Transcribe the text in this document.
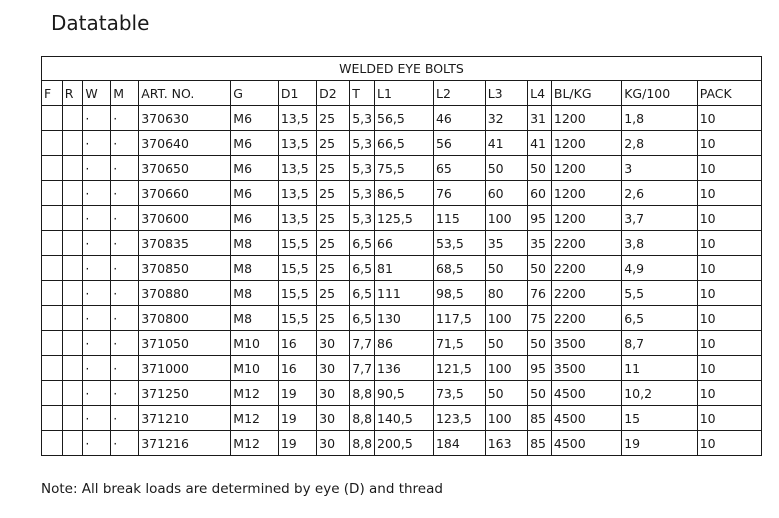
Datatable
WELDED EYE BOLTS															
F	R	W	M	ART. NO.	G	D1	D2	T	L1	L2	L3	L4	BL/KG	KG/100	PACK
		·	·	370630	M6	13,5	25	5,3	56,5	46	32	31	1200	1,8	10
		·	·	370640	M6	13,5	25	5,3	66,5	56	41	41	1200	2,8	10
		·	·	370650	M6	13,5	25	5,3	75,5	65	50	50	1200	3	10
		·	·	370660	M6	13,5	25	5,3	86,5	76	60	60	1200	2,6	10
		·	·	370600	M6	13,5	25	5,3	125,5	115	100	95	1200	3,7	10
		·	·	370835	M8	15,5	25	6,5	66	53,5	35	35	2200	3,8	10
		·	·	370850	M8	15,5	25	6,5	81	68,5	50	50	2200	4,9	10
		·	·	370880	M8	15,5	25	6,5	111	98,5	80	76	2200	5,5	10
		·	·	370800	M8	15,5	25	6,5	130	117,5	100	75	2200	6,5	10
		·	·	371050	M10	16	30	7,7	86	71,5	50	50	3500	8,7	10
		·	·	371000	M10	16	30	7,7	136	121,5	100	95	3500	11	10
		·	·	371250	M12	19	30	8,8	90,5	73,5	50	50	4500	10,2	10
		·	·	371210	M12	19	30	8,8	140,5	123,5	100	85	4500	15	10
		·	·	371216	M12	19	30	8,8	200,5	184	163	85	4500	19	10
Note: All break loads are determined by eye (D) and thread
